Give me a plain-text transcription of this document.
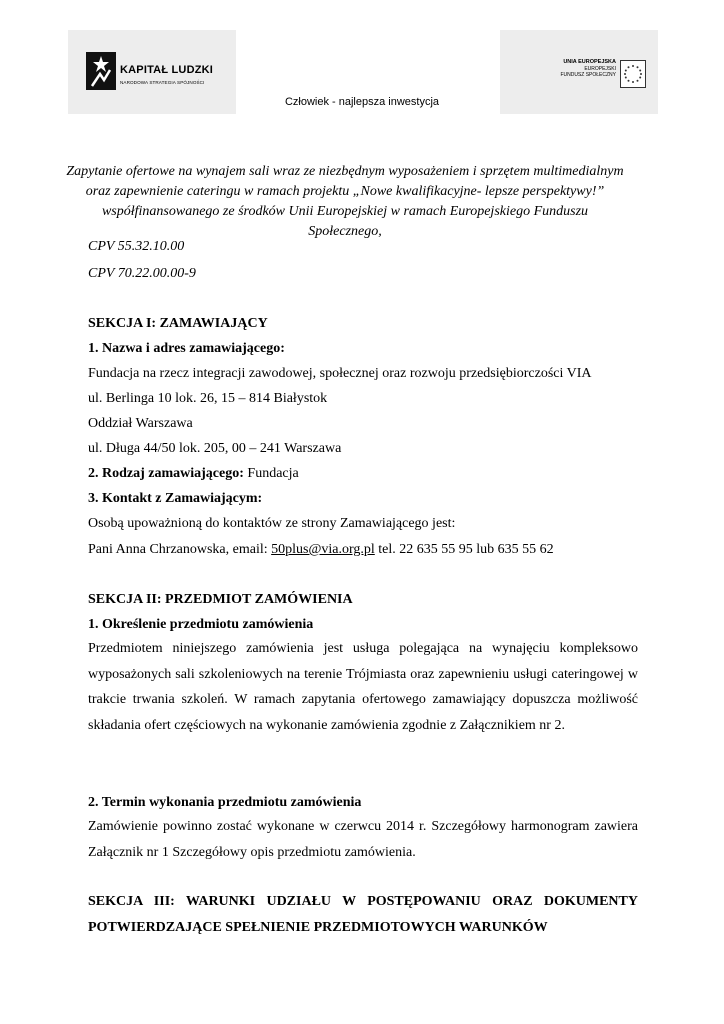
KAPITAŁ LUDZKI
NARODOWA STRATEGIA SPÓJNOŚCI
UNIA EUROPEJSKA
EUROPEJSKI
FUNDUSZ SPOŁECZNY
Człowiek - najlepsza inwestycja
Zapytanie ofertowe na wynajem sali wraz ze niezbędnym wyposażeniem i sprzętem multimedialnym
oraz zapewnienie cateringu w ramach projektu „Nowe kwalifikacyjne- lepsze perspektywy!”
współfinansowanego ze środków Unii Europejskiej w ramach Europejskiego Funduszu
Społecznego,
CPV 55.32.10.00
CPV 70.22.00.00-9
SEKCJA I: ZAMAWIAJĄCY
1. Nazwa i adres zamawiającego:
Fundacja na rzecz integracji zawodowej, społecznej oraz rozwoju przedsiębiorczości VIA
ul. Berlinga 10 lok. 26, 15 – 814 Białystok
Oddział Warszawa
ul. Długa 44/50 lok. 205, 00 – 241 Warszawa
2. Rodzaj zamawiającego: Fundacja
3. Kontakt z Zamawiającym:
Osobą upoważnioną do kontaktów ze strony Zamawiającego jest:
Pani Anna Chrzanowska, email: 50plus@via.org.pl tel. 22 635 55 95 lub 635 55 62
SEKCJA II: PRZEDMIOT ZAMÓWIENIA
1. Określenie przedmiotu zamówienia
Przedmiotem niniejszego zamówienia jest usługa polegająca na wynajęciu kompleksowo wyposażonych sali szkoleniowych na terenie Trójmiasta oraz zapewnieniu usługi cateringowej w trakcie trwania szkoleń. W ramach zapytania ofertowego zamawiający dopuszcza możliwość składania ofert częściowych na wykonanie zamówienia zgodnie z Załącznikiem nr 2.
2. Termin wykonania przedmiotu zamówienia
Zamówienie powinno zostać wykonane w czerwcu 2014 r. Szczegółowy harmonogram zawiera Załącznik nr 1 Szczegółowy opis przedmiotu zamówienia.
SEKCJA III: WARUNKI UDZIAŁU W POSTĘPOWANIU ORAZ DOKUMENTY POTWIERDZAJĄCE SPEŁNIENIE PRZEDMIOTOWYCH WARUNKÓW
